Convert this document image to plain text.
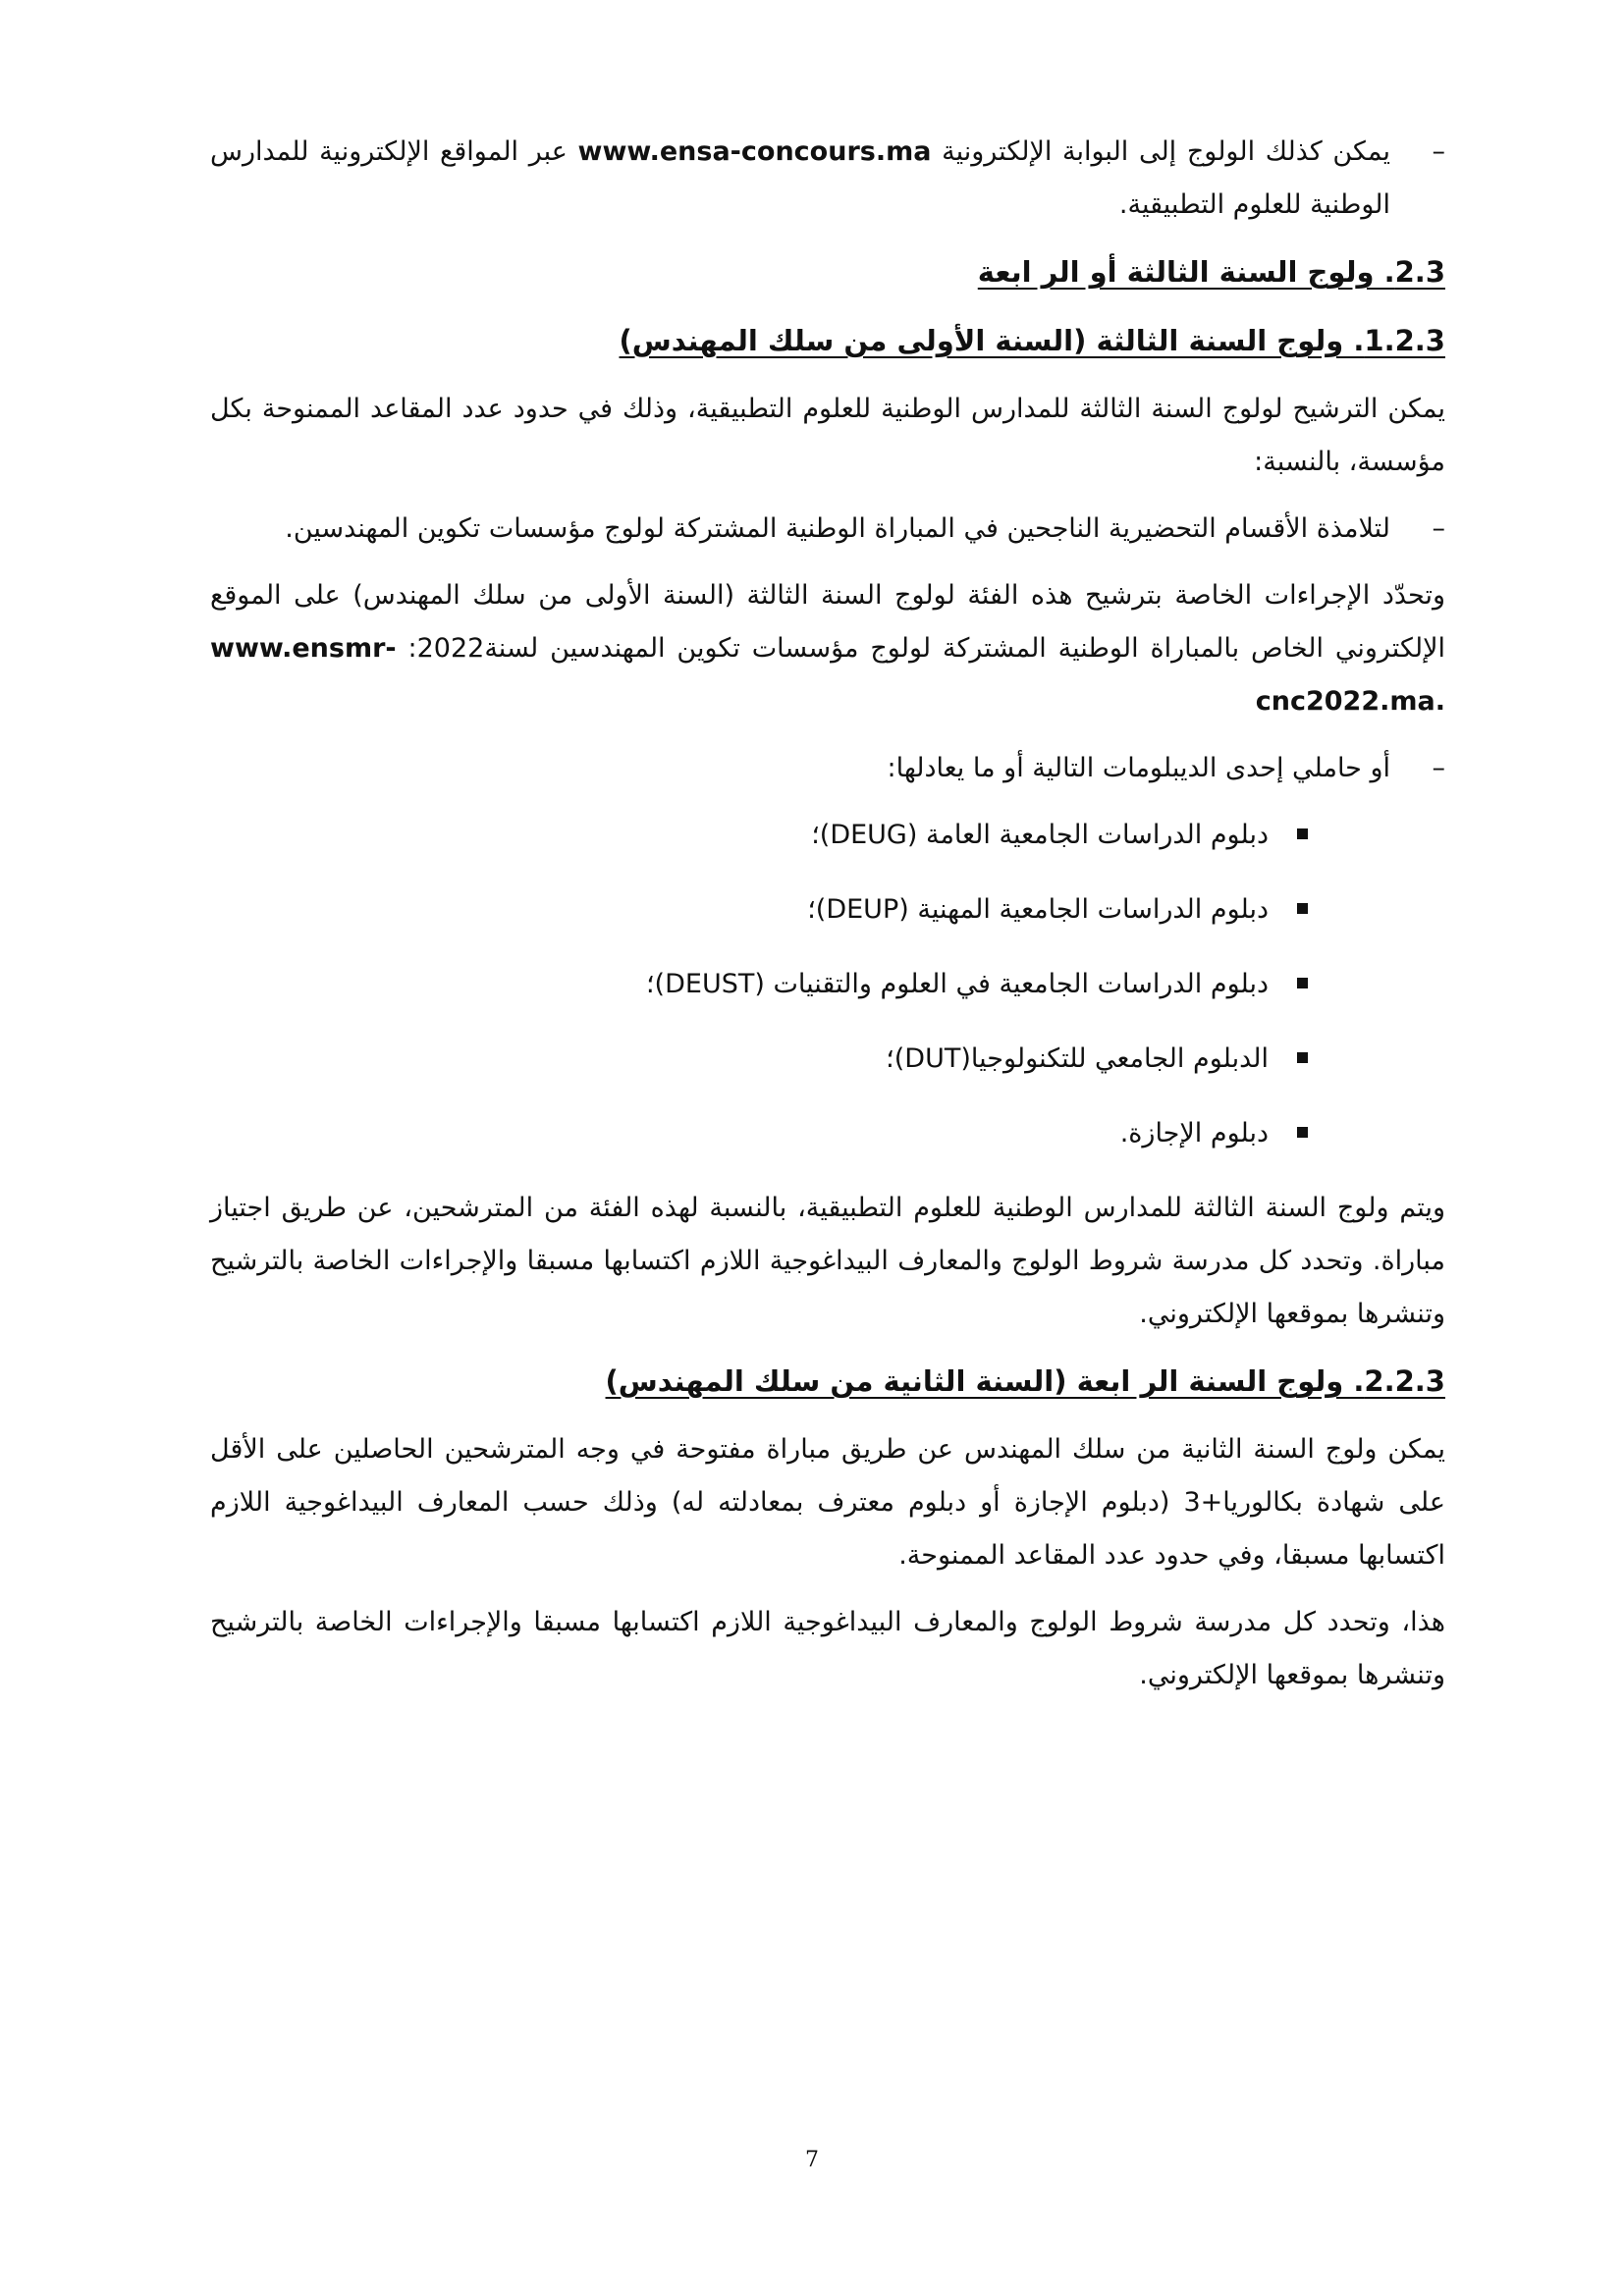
–
يمكن كذلك الولوج إلى البوابة الإلكترونية www.ensa-concours.ma عبر المواقع الإلكترونية للمدارس الوطنية للعلوم التطبيقية.
2.3. ولوج السنة الثالثة أو الر ابعة
1.2.3. ولوج السنة الثالثة (السنة الأولى من سلك المهندس)

يمكن الترشيح لولوج السنة الثالثة للمدارس الوطنية للعلوم التطبيقية، وذلك في حدود عدد المقاعد الممنوحة بكل مؤسسة، بالنسبة:

–
لتلامذة الأقسام التحضيرية الناجحين في المباراة الوطنية المشتركة لولوج مؤسسات تكوين المهندسين.

وتحدّد الإجراءات الخاصة بترشيح هذه الفئة لولوج السنة الثالثة (السنة الأولى من سلك المهندس) على الموقع الإلكتروني الخاص بالمباراة الوطنية المشتركة لولوج مؤسسات تكوين المهندسين لسنة2022: www.ensmr- cnc2022.ma.

–
أو حاملي إحدى الديبلومات التالية أو ما يعادلها:
دبلوم الدراسات الجامعية العامة (DEUG)؛
دبلوم الدراسات الجامعية المهنية (DEUP)؛
دبلوم الدراسات الجامعية في العلوم والتقنيات (DEUST)؛
الدبلوم الجامعي للتكنولوجيا(DUT)؛
دبلوم الإجازة.

ويتم ولوج السنة الثالثة للمدارس الوطنية للعلوم التطبيقية، بالنسبة لهذه الفئة من المترشحين، عن طريق اجتياز مباراة. وتحدد كل مدرسة شروط الولوج والمعارف البيداغوجية اللازم اكتسابها مسبقا والإجراءات الخاصة بالترشيح وتنشرها بموقعها الإلكتروني.

2.2.3. ولوج السنة الر ابعة (السنة الثانية من سلك المهندس)

يمكن ولوج السنة الثانية من سلك المهندس عن طريق مباراة مفتوحة في وجه المترشحين الحاصلين على الأقل على شهادة بكالوريا+3 (دبلوم الإجازة أو دبلوم معترف بمعادلته له) وذلك حسب المعارف البيداغوجية اللازم اكتسابها مسبقا، وفي حدود عدد المقاعد الممنوحة.

هذا، وتحدد كل مدرسة شروط الولوج والمعارف البيداغوجية اللازم اكتسابها مسبقا والإجراءات الخاصة بالترشيح وتنشرها بموقعها الإلكتروني.

7
